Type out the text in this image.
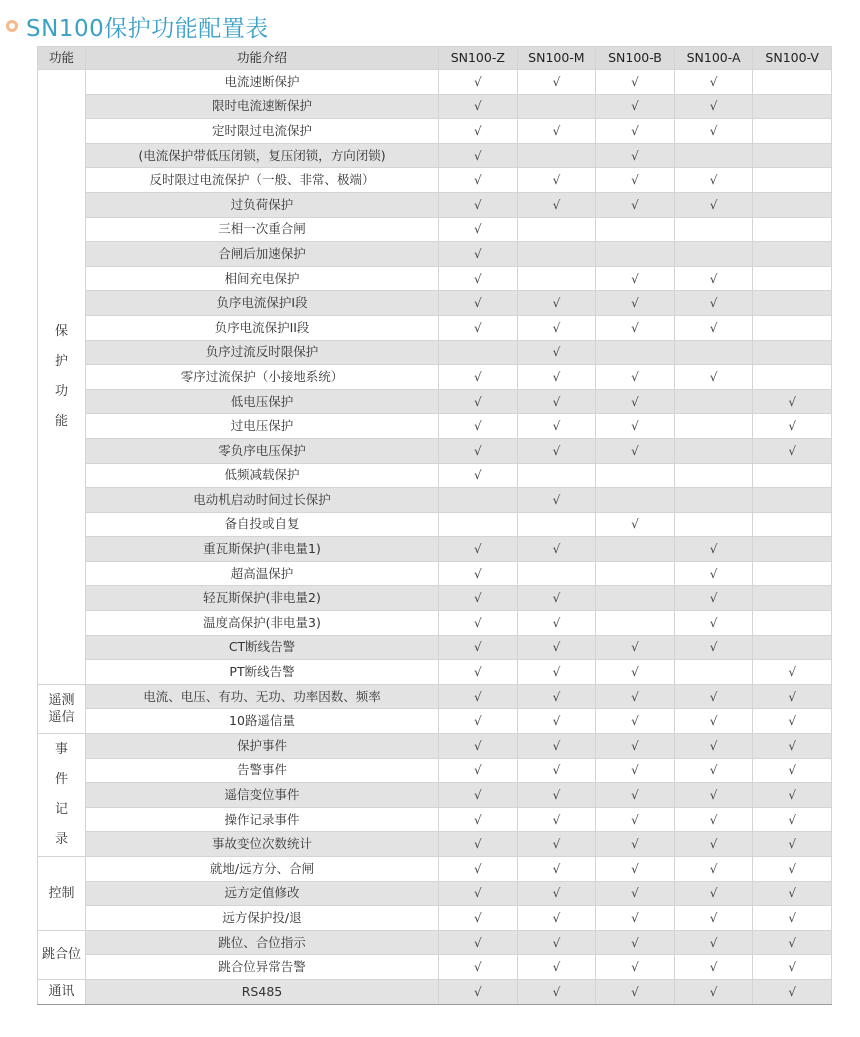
SN100保护功能配置表
功能	功能介绍	SN100-Z	SN100-M	SN100-B	SN100-A	SN100-V
保
护
功
能	电流速断保护	√	√	√	√	
	限时电流速断保护	√		√	√	
	定时限过电流保护	√	√	√	√	
	(电流保护带低压闭锁，复压闭锁，方向闭锁)	√		√		
	反时限过电流保护（一般、非常、极端）	√	√	√	√	
	过负荷保护	√	√	√	√	
	三相一次重合闸	√				
	合闸后加速保护	√				
	相间充电保护	√		√	√	
	负序电流保护I段	√	√	√	√	
	负序电流保护II段	√	√	√	√	
	负序过流反时限保护		√			
	零序过流保护（小接地系统）	√	√	√	√	
	低电压保护	√	√	√		√
	过电压保护	√	√	√		√
	零负序电压保护	√	√	√		√
	低频减载保护	√				
	电动机启动时间过长保护		√			
	备自投或自复			√		
	重瓦斯保护(非电量1)	√	√		√	
	超高温保护	√			√	
	轻瓦斯保护(非电量2)	√	√		√	
	温度高保护(非电量3)	√	√		√	
	CT断线告警	√	√	√	√	
	PT断线告警	√	√	√		√
遥测
遥信	电流、电压、有功、无功、功率因数、频率	√	√	√	√	√
	10路遥信量	√	√	√	√	√
事
件
记
录	保护事件	√	√	√	√	√
	告警事件	√	√	√	√	√
	遥信变位事件	√	√	√	√	√
	操作记录事件	√	√	√	√	√
	事故变位次数统计	√	√	√	√	√
控制	就地/远方分、合闸	√	√	√	√	√
	远方定值修改	√	√	√	√	√
	远方保护投/退	√	√	√	√	√
跳合位	跳位、合位指示	√	√	√	√	√
	跳合位异常告警	√	√	√	√	√
通讯	RS485	√	√	√	√	√
